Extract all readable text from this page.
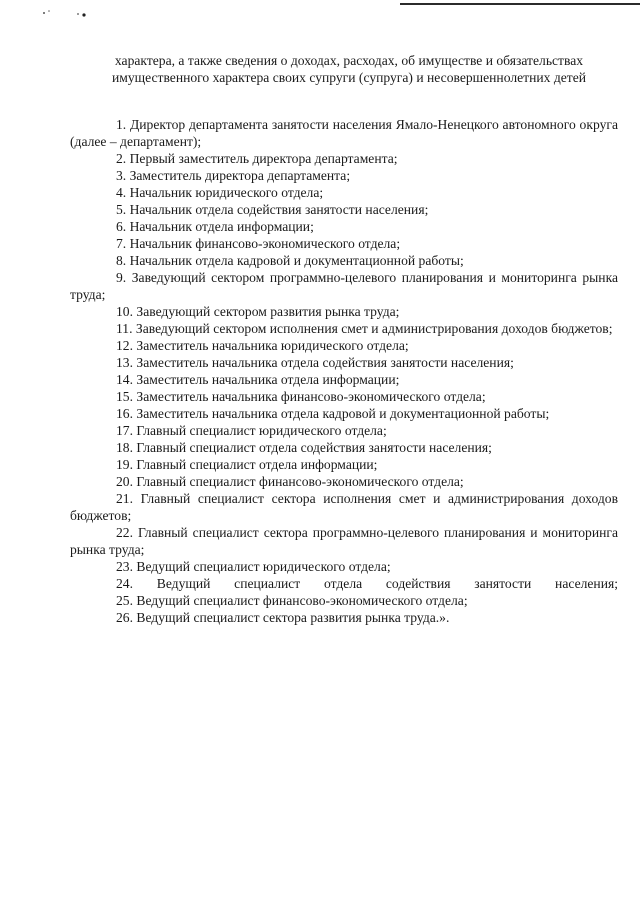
характера, а также сведения о доходах, расходах, об имуществе и обязательствах

имущественного характера своих супруги (супруга) и несовершеннолетних детей

1. Директор департамента занятости населения Ямало-Ненецкого автономного округа (далее – департамент);
2. Первый заместитель директора департамента;
3. Заместитель директора департамента;
4. Начальник юридического отдела;
5. Начальник отдела содействия занятости населения;
6. Начальник отдела информации;
7. Начальник финансово-экономического отдела;
8. Начальник отдела кадровой и документационной работы;
9. Заведующий сектором программно-целевого планирования и мониторинга рынка труда;
10. Заведующий сектором развития рынка труда;
11. Заведующий сектором исполнения смет и администрирования доходов бюджетов;
12. Заместитель начальника юридического отдела;
13. Заместитель начальника отдела содействия занятости населения;
14. Заместитель начальника отдела информации;
15. Заместитель начальника финансово-экономического отдела;
16. Заместитель начальника отдела кадровой и документационной работы;
17. Главный специалист юридического отдела;
18. Главный специалист отдела содействия занятости населения;
19. Главный специалист отдела информации;
20. Главный специалист финансово-экономического отдела;
21. Главный специалист сектора исполнения смет и администрирования доходов бюджетов;
22. Главный специалист сектора программно-целевого планирования и мониторинга рынка труда;
23. Ведущий специалист юридического отдела;
24. Ведущий специалист отдела содействия занятости населения;
25. Ведущий специалист финансово-экономического отдела;
26. Ведущий специалист сектора развития рынка труда.».
